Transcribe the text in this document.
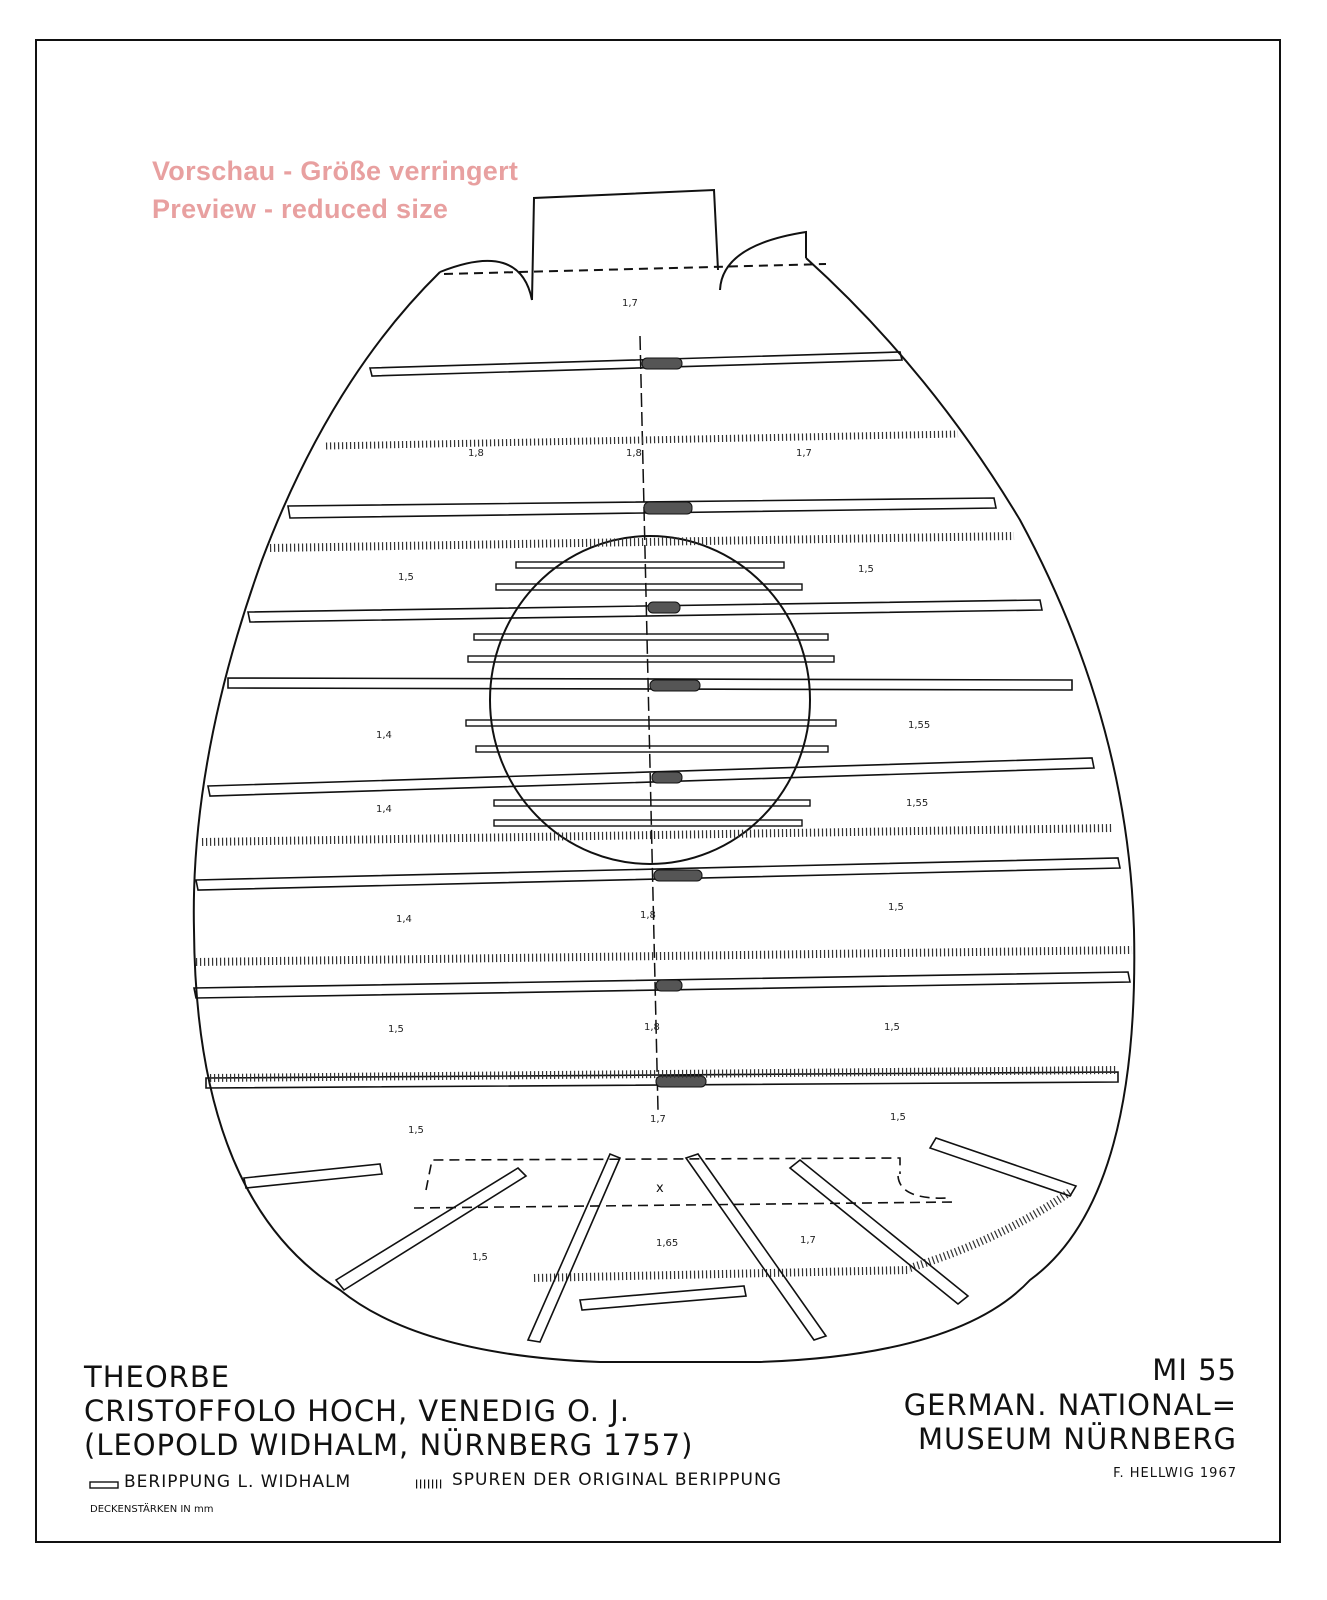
1,7
1,8	1,8	1,7
1,5
1,5
1,4
1,55
1,4
1,55
1,4	1,8
1,5
1,5	1,8	1,5
1,5
1,7	1,5
1,5
1,65	1,7
x
Vorschau - Größe verringert
Preview - reduced size
THEORBE
CRISTOFFOLO HOCH, VENEDIG O. J.
(LEOPOLD WIDHALM, NÜRNBERG 1757)
MI 55
GERMAN. NATIONAL=
MUSEUM NÜRNBERG
F. HELLWIG 1967
BERIPPUNG L. WIDHALM	SPUREN DER ORIGINAL BERIPPUNG
DECKENSTÄRKEN IN mm
